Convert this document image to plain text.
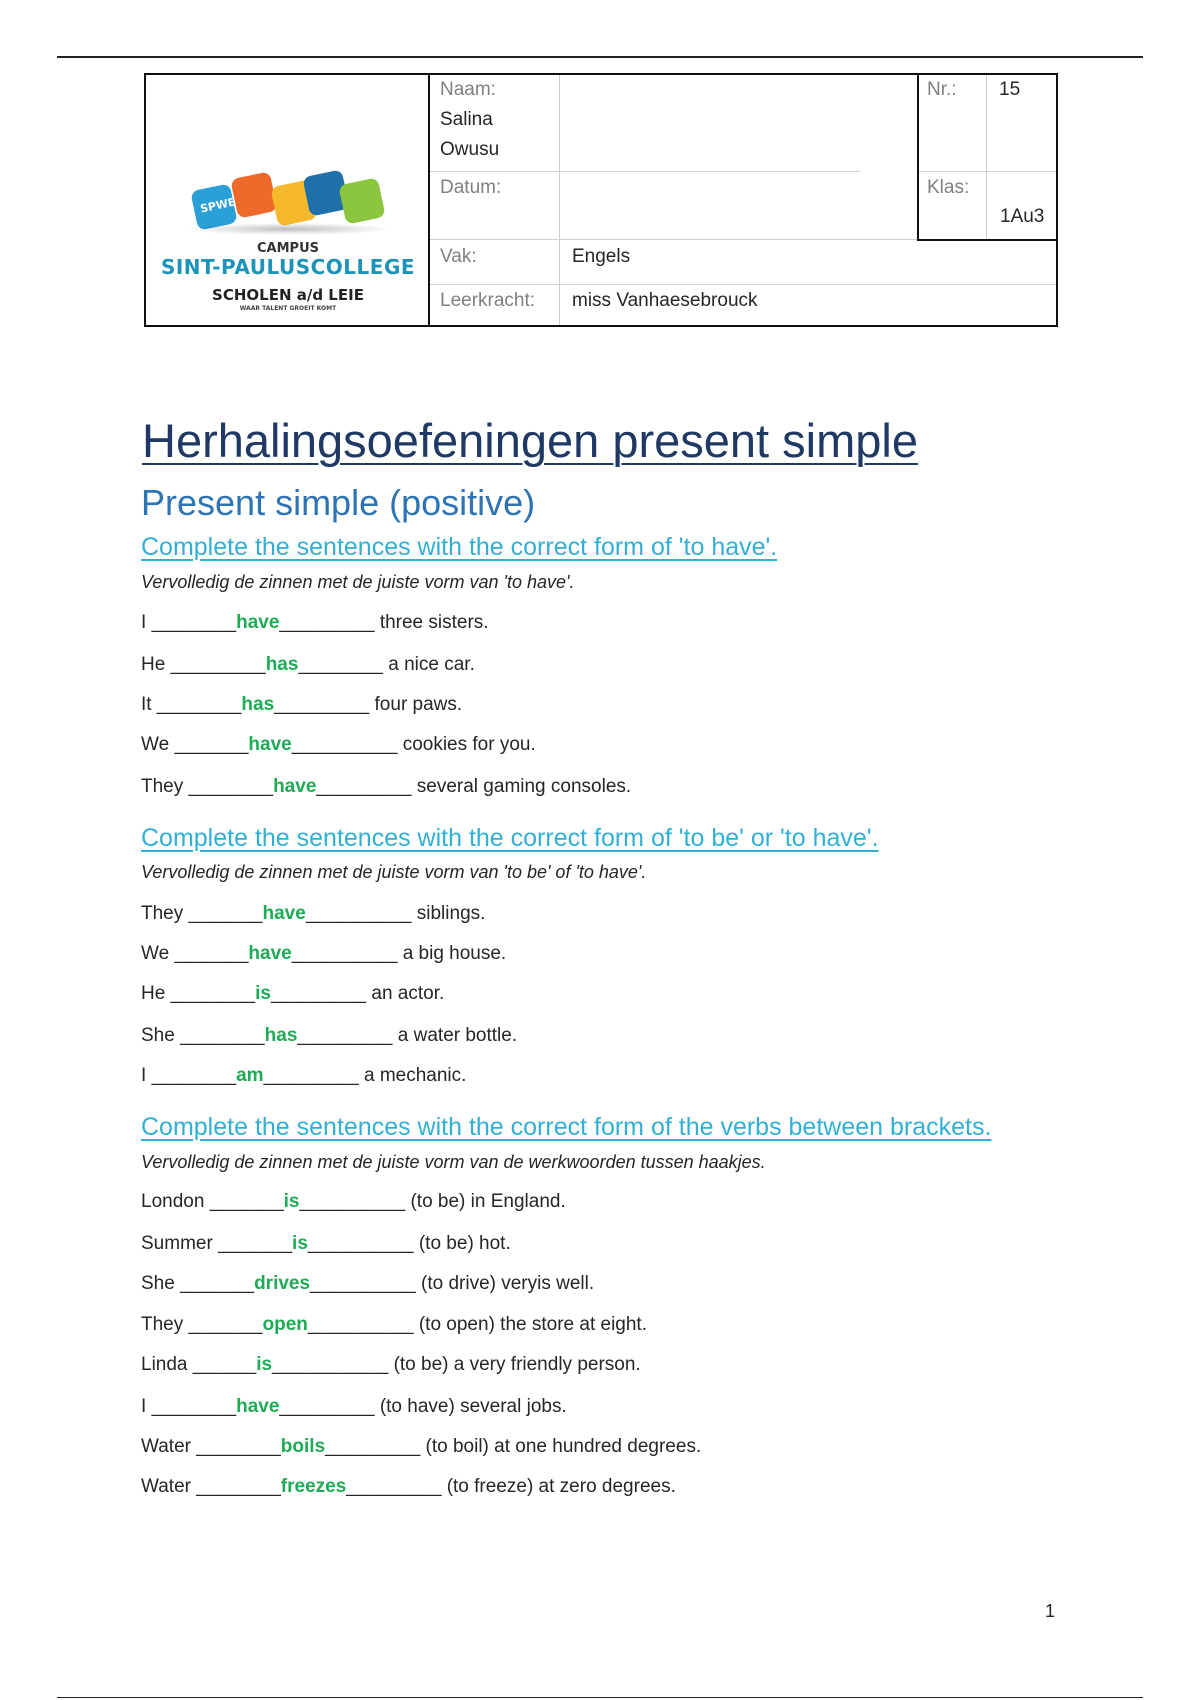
SPWE
CAMPUS
SINT-PAULUSCOLLEGE
SCHOLEN a/d LEIE
WAAR TALENT GROEIT KOMT
Naam:
Salina
Owusu
Nr.:	15
Datum:	Klas:
1Au3
Vak:	Engels
Leerkracht:	miss Vanhaesebrouck
Herhalingsoefeningen present simple
Present simple (positive)
Complete the sentences with the correct form of 'to have'.
Vervolledig de zinnen met de juiste vorm van 'to have'.
I ________have_________ three sisters.
He _________has________ a nice car.
It ________has_________ four paws.
We _______have__________ cookies for you.
They ________have_________ several gaming consoles.
Complete the sentences with the correct form of 'to be' or 'to have'.
Vervolledig de zinnen met de juiste vorm van 'to be' of 'to have'.
They _______have__________ siblings.
We _______have__________ a big house.
He ________is_________ an actor.
She ________has_________ a water bottle.
I ________am_________ a mechanic.
Complete the sentences with the correct form of the verbs between brackets.
Vervolledig de zinnen met de juiste vorm van de werkwoorden tussen haakjes.
London _______is__________ (to be) in England.
Summer _______is__________ (to be) hot.
She _______drives__________ (to drive) veryis well.
They _______open__________ (to open) the store at eight.
Linda ______is___________ (to be) a very friendly person.
I ________have_________ (to have) several jobs.
Water ________boils_________ (to boil) at one hundred degrees.
Water ________freezes_________ (to freeze) at zero degrees.
1
